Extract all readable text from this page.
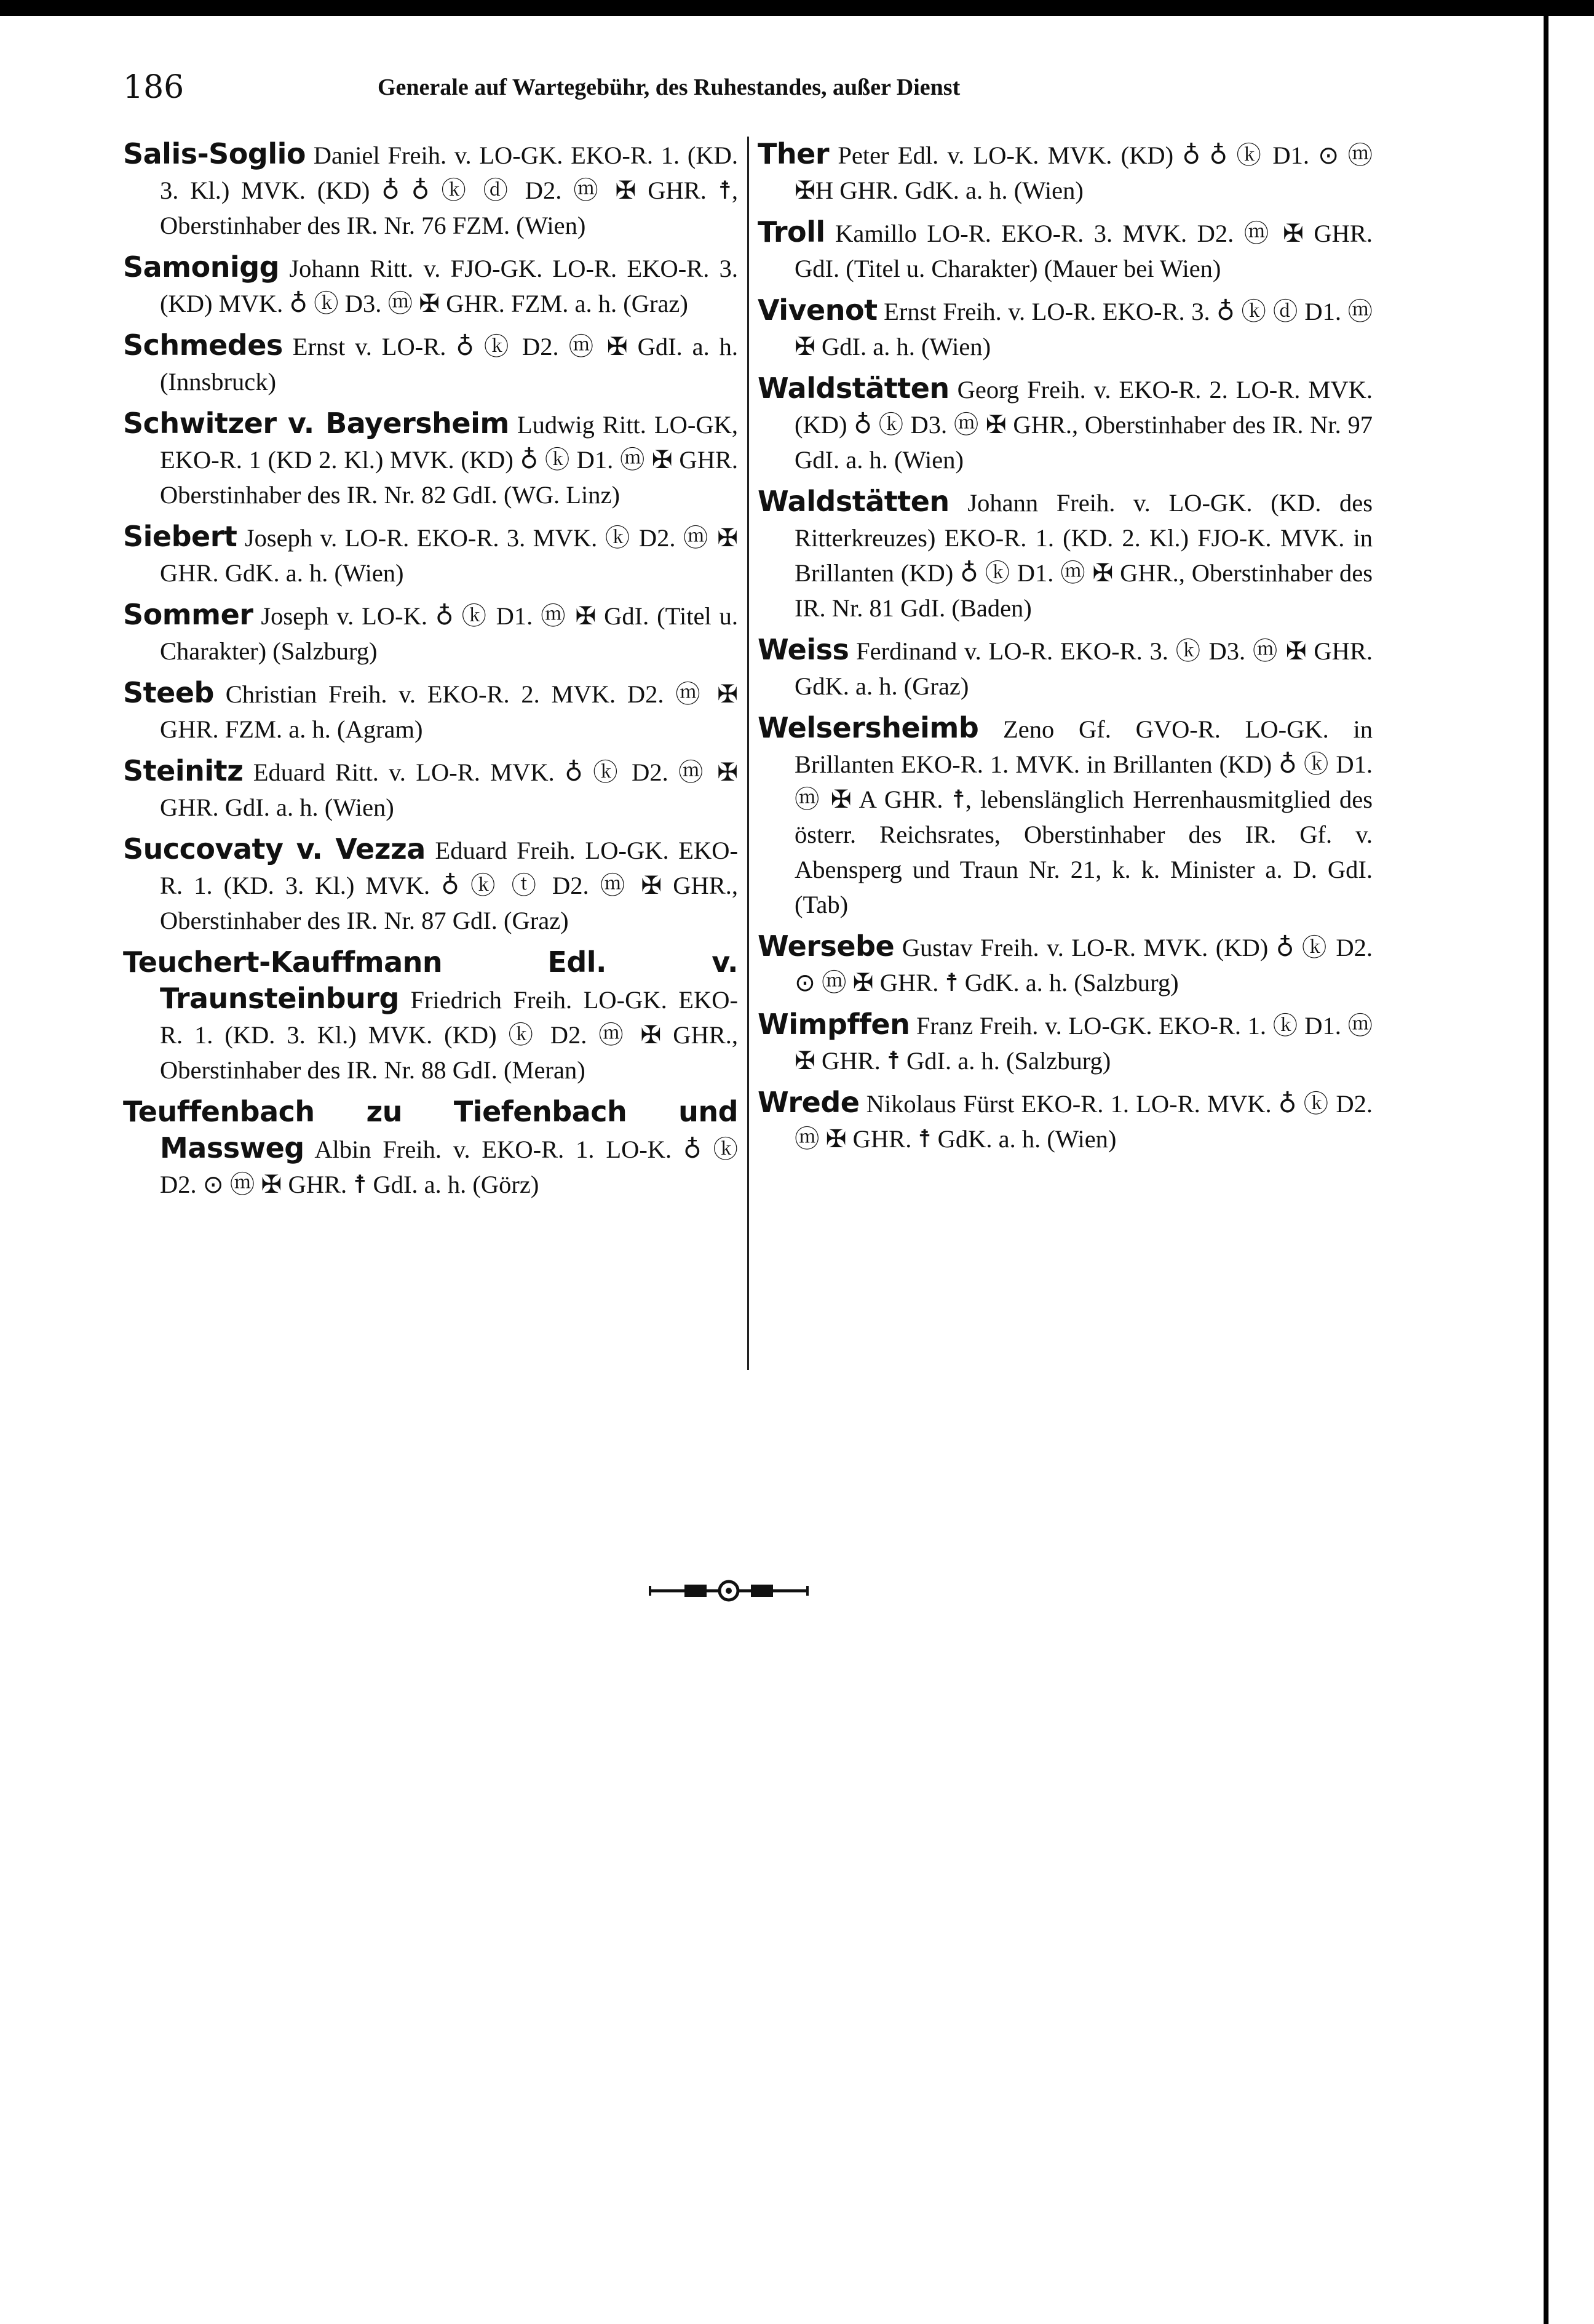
186	Generale auf Wartegebühr, des Ruhestandes, außer Dienst

Salis-Soglio Daniel Freih. v. LO-GK. EKO-R. 1. (KD. 3. Kl.) MVK. (KD) ♁ ♁ ⓚ ⓓ D2. ⓜ ✠ GHR. ☨, Oberstinhaber des IR. Nr. 76 FZM. (Wien)

Samonigg Johann Ritt. v. FJO-GK. LO-R. EKO-R. 3. (KD) MVK. ♁ ⓚ D3. ⓜ ✠ GHR. FZM. a. h. (Graz)

Schmedes Ernst v. LO-R. ♁ ⓚ D2. ⓜ ✠ GdI. a. h. (Innsbruck)

Schwitzer v. Bayersheim Ludwig Ritt. LO-GK, EKO-R. 1 (KD 2. Kl.) MVK. (KD) ♁ ⓚ D1. ⓜ ✠ GHR. Oberstinhaber des IR. Nr. 82 GdI. (WG. Linz)

Siebert Joseph v. LO-R. EKO-R. 3. MVK. ⓚ D2. ⓜ ✠ GHR. GdK. a. h. (Wien)

Sommer Joseph v. LO-K. ♁ ⓚ D1. ⓜ ✠ GdI. (Titel u. Charakter) (Salzburg)

Steeb Christian Freih. v. EKO-R. 2. MVK. D2. ⓜ ✠ GHR. FZM. a. h. (Agram)

Steinitz Eduard Ritt. v. LO-R. MVK. ♁ ⓚ D2. ⓜ ✠ GHR. GdI. a. h. (Wien)

Succovaty v. Vezza Eduard Freih. LO-GK. EKO-R. 1. (KD. 3. Kl.) MVK. ♁ ⓚ ⓣ D2. ⓜ ✠ GHR., Oberstinhaber des IR. Nr. 87 GdI. (Graz)

Teuchert-Kauffmann Edl. v. Traunsteinburg Friedrich Freih. LO-GK. EKO-R. 1. (KD. 3. Kl.) MVK. (KD) ⓚ D2. ⓜ ✠ GHR., Oberstinhaber des IR. Nr. 88 GdI. (Meran)

Teuffenbach zu Tiefenbach und Massweg Albin Freih. v. EKO-R. 1. LO-K. ♁ ⓚ D2. ⊙ ⓜ ✠ GHR. ☨ GdI. a. h. (Görz)

Ther Peter Edl. v. LO-K. MVK. (KD) ♁ ♁ ⓚ D1. ⊙ ⓜ ✠H GHR. GdK. a. h. (Wien)

Troll Kamillo LO-R. EKO-R. 3. MVK. D2. ⓜ ✠ GHR. GdI. (Titel u. Charakter) (Mauer bei Wien)

Vivenot Ernst Freih. v. LO-R. EKO-R. 3. ♁ ⓚ ⓓ D1. ⓜ ✠ GdI. a. h. (Wien)

Waldstätten Georg Freih. v. EKO-R. 2. LO-R. MVK. (KD) ♁ ⓚ D3. ⓜ ✠ GHR., Oberstinhaber des IR. Nr. 97 GdI. a. h. (Wien)

Waldstätten Johann Freih. v. LO-GK. (KD. des Ritterkreuzes) EKO-R. 1. (KD. 2. Kl.) FJO-K. MVK. in Brillanten (KD) ♁ ⓚ D1. ⓜ ✠ GHR., Oberstinhaber des IR. Nr. 81 GdI. (Baden)

Weiss Ferdinand v. LO-R. EKO-R. 3. ⓚ D3. ⓜ ✠ GHR. GdK. a. h. (Graz)

Welsersheimb Zeno Gf. GVO-R. LO-GK. in Brillanten EKO-R. 1. MVK. in Brillanten (KD) ♁ ⓚ D1. ⓜ ✠ A GHR. ☨, lebenslänglich Herrenhausmitglied des österr. Reichsrates, Oberstinhaber des IR. Gf. v. Abensperg und Traun Nr. 21, k. k. Minister a. D. GdI. (Tab)

Wersebe Gustav Freih. v. LO-R. MVK. (KD) ♁ ⓚ D2. ⊙ ⓜ ✠ GHR. ☨ GdK. a. h. (Salzburg)

Wimpffen Franz Freih. v. LO-GK. EKO-R. 1. ⓚ D1. ⓜ ✠ GHR. ☨ GdI. a. h. (Salzburg)

Wrede Nikolaus Fürst EKO-R. 1. LO-R. MVK. ♁ ⓚ D2. ⓜ ✠ GHR. ☨ GdK. a. h. (Wien)
